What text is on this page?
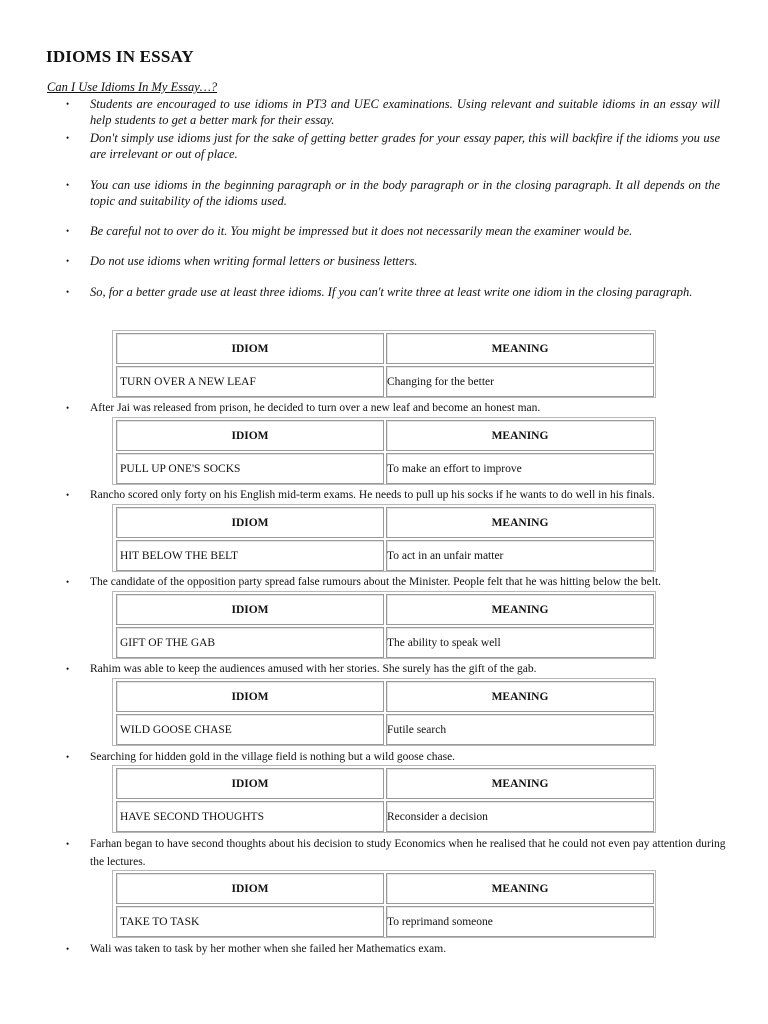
IDIOMS IN ESSAY

Can I Use Idioms In My Essay…?

• Students are encouraged to use idioms in PT3 and UEC examinations. Using relevant and suitable idioms in an essay will help students to get a better mark for their essay.
• Don't simply use idioms just for the sake of getting better grades for your essay paper, this will backfire if the idioms you use are irrelevant or out of place.
• You can use idioms in the beginning paragraph or in the body paragraph or in the closing paragraph. It all depends on the topic and suitability of the idioms used.
• Be careful not to over do it. You might be impressed but it does not necessarily mean the examiner would be.
• Do not use idioms when writing formal letters or business letters.
• So, for a better grade use at least three idioms. If you can't write three at least write one idiom in the closing paragraph.
IDIOM	MEANING
TURN OVER A NEW LEAF	Changing for the better
• After Jai was released from prison, he decided to turn over a new leaf and become an honest man.
IDIOM	MEANING
PULL UP ONE'S SOCKS	To make an effort to improve
• Rancho scored only forty on his English mid-term exams. He needs to pull up his socks if he wants to do well in his finals.
IDIOM	MEANING
HIT BELOW THE BELT	To act in an unfair matter
• The candidate of the opposition party spread false rumours about the Minister. People felt that he was hitting below the belt.
IDIOM	MEANING
GIFT OF THE GAB	The ability to speak well
• Rahim was able to keep the audiences amused with her stories. She surely has the gift of the gab.
IDIOM	MEANING
WILD GOOSE CHASE	Futile search
• Searching for hidden gold in the village field is nothing but a wild goose chase.
IDIOM	MEANING
HAVE SECOND THOUGHTS	Reconsider a decision
• Farhan began to have second thoughts about his decision to study Economics when he realised that he could not even pay attention during the lectures.
IDIOM	MEANING
TAKE TO TASK	To reprimand someone
• Wali was taken to task by her mother when she failed her Mathematics exam.
